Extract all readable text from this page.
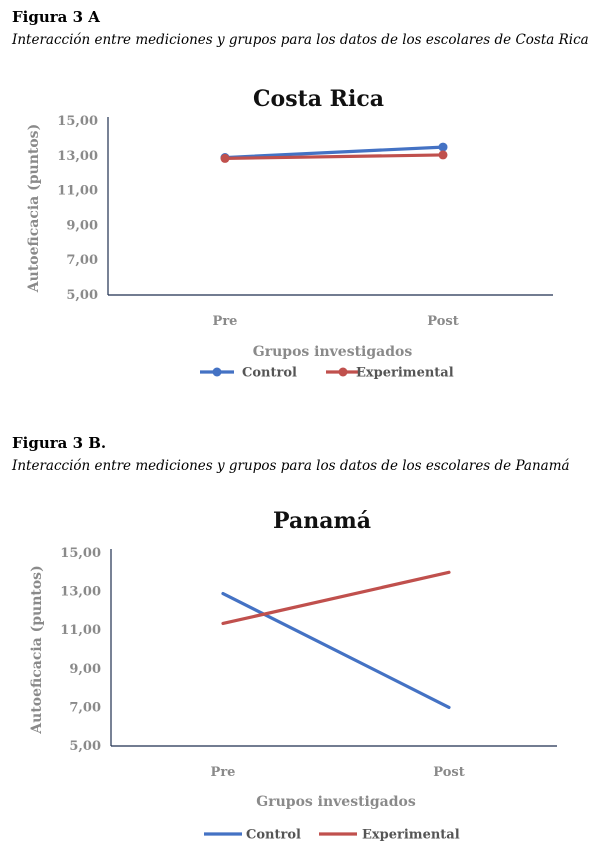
Figura 3 A
Interacción entre mediciones y grupos para los datos de los escolares de Costa Rica
Costa Rica
5,00
7,00
9,00
11,00
13,00
15,00
Pre	Post
Grupos investigados
Autoeficacia (puntos)
Control	Experimental
Figura 3 B.
Interacción entre mediciones y grupos para los datos de los escolares de Panamá
Panamá
5,00
7,00
9,00
11,00
13,00
15,00
Pre	Post
Grupos investigados
Autoeficacia (puntos)
Control	Experimental
